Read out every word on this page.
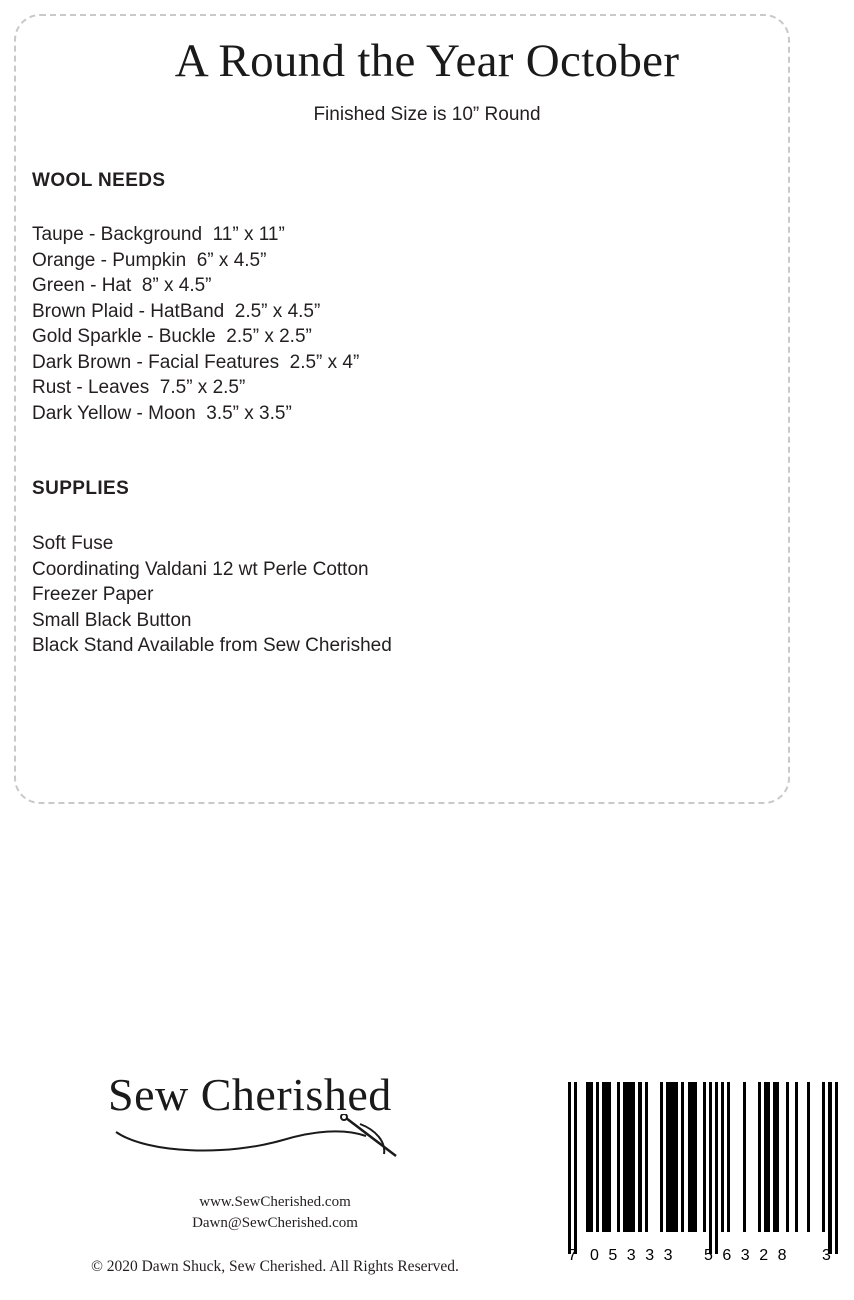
A Round the Year October
Finished Size is 10” Round
WOOL NEEDS
Taupe - Background  11” x 11”
Orange - Pumpkin  6” x 4.5”
Green - Hat  8” x 4.5”
Brown Plaid - HatBand  2.5” x 4.5”
Gold Sparkle - Buckle  2.5” x 2.5”
Dark Brown - Facial Features  2.5” x 4”
Rust - Leaves  7.5” x 2.5”
Dark Yellow - Moon  3.5” x 3.5”
SUPPLIES
Soft Fuse
Coordinating Valdani 12 wt Perle Cotton
Freezer Paper
Small Black Button
Black Stand Available from Sew Cherished
Sew Cherished
www.SewCherished.com
Dawn@SewCherished.com
© 2020 Dawn Shuck, Sew Cherished. All Rights Reserved.
7 05333 56328 3
